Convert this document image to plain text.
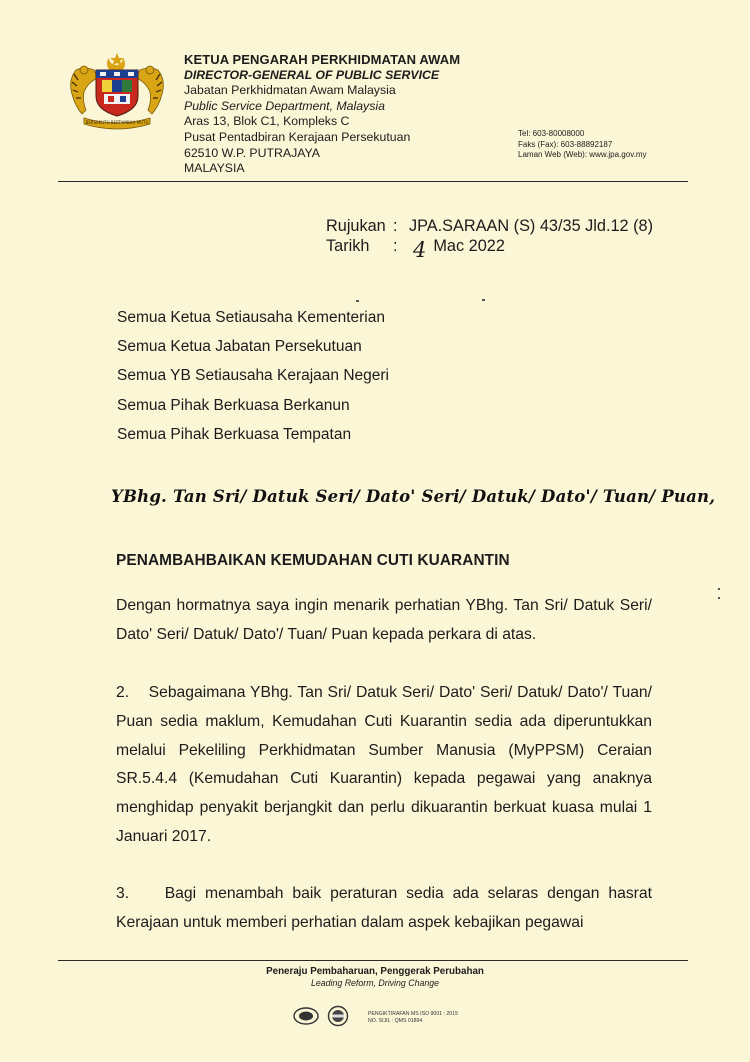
BERSEKUTU BERTAMBAH MUTU
KETUA PENGARAH PERKHIDMATAN AWAM
DIRECTOR-GENERAL OF PUBLIC SERVICE
Jabatan Perkhidmatan Awam Malaysia
Public Service Department, Malaysia
Aras 13, Blok C1, Kompleks C
Pusat Pentadbiran Kerajaan Persekutuan
62510 W.P. PUTRAJAYA
MALAYSIA
Tel: 603-80008000
Faks (Fax): 603-88892187
Laman Web (Web): www.jpa.gov.my
Rujukan : JPA.SARAAN (S) 43/35 Jld.12 (8)
Tarikh	: 4 Mac 2022
Semua Ketua Setiausaha Kementerian
Semua Ketua Jabatan Persekutuan
Semua YB Setiausaha Kerajaan Negeri
Semua Pihak Berkuasa Berkanun
Semua Pihak Berkuasa Tempatan
YBhg. Tan Sri/ Datuk Seri/ Dato' Seri/ Datuk/ Dato'/ Tuan/ Puan,
PENAMBAHBAIKAN KEMUDAHAN CUTI KUARANTIN
Dengan hormatnya saya ingin menarik perhatian YBhg. Tan Sri/ Datuk Seri/ Dato' Seri/ Datuk/ Dato'/ Tuan/ Puan kepada perkara di atas.
2.    Sebagaimana YBhg. Tan Sri/ Datuk Seri/ Dato' Seri/ Datuk/ Dato'/ Tuan/ Puan sedia maklum, Kemudahan Cuti Kuarantin sedia ada diperuntukkan melalui Pekeliling Perkhidmatan Sumber Manusia (MyPPSM) Ceraian SR.5.4.4 (Kemudahan Cuti Kuarantin) kepada pegawai yang anaknya menghidap penyakit berjangkit dan perlu dikuarantin berkuat kuasa mulai 1 Januari 2017.
3.    Bagi menambah baik peraturan sedia ada selaras dengan hasrat Kerajaan untuk memberi perhatian dalam aspek kebajikan pegawai
Peneraju Pembaharuan, Penggerak Perubahan
Leading Reform, Driving Change
PENGIKTIRAFAN MS ISO 9001 : 2015
NO. SIJIL : QMS 01894
